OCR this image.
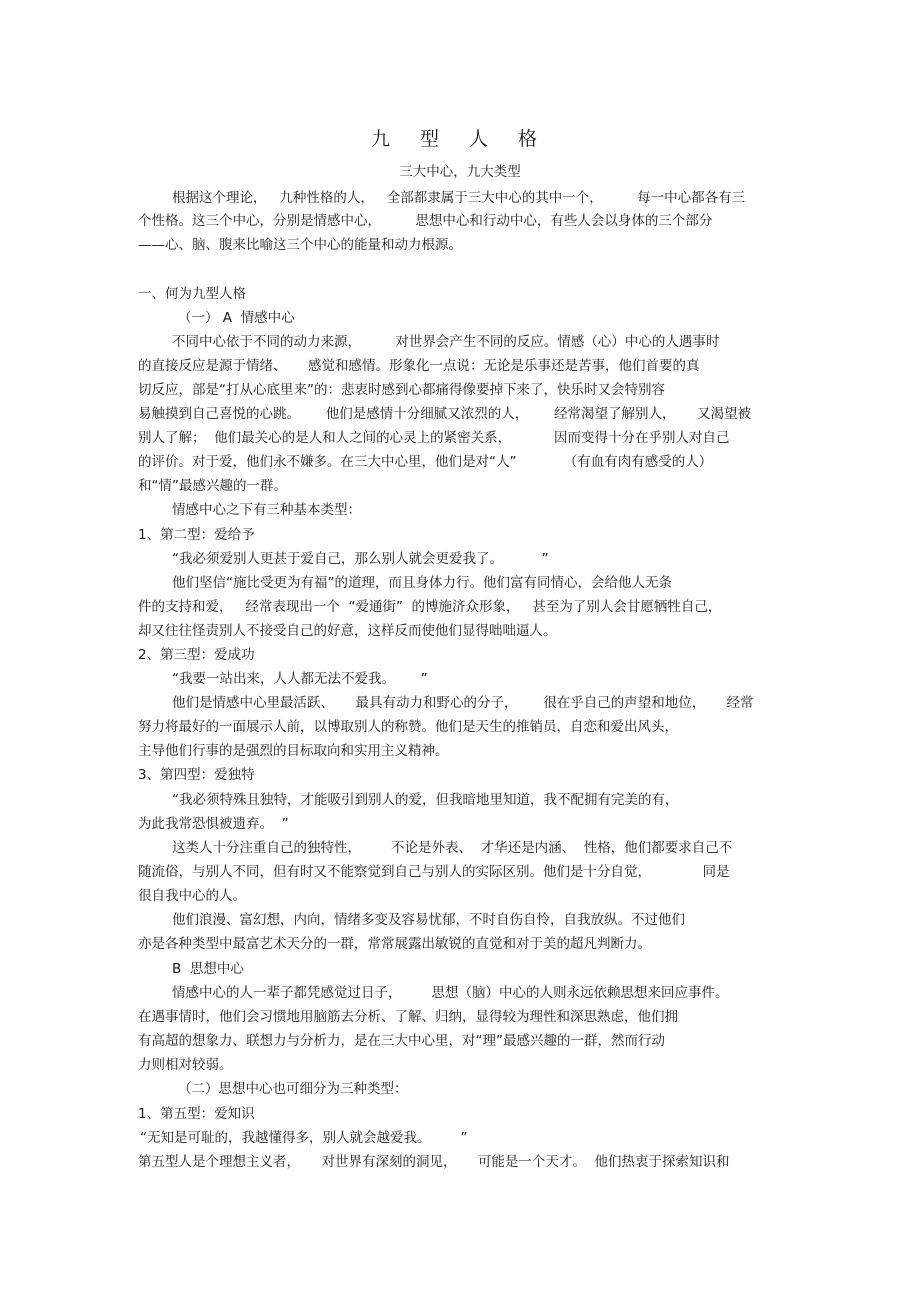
九 型 人 格
三大中心，九大类型
根据这个理论，   九种性格的人，   全部都隶属于三大中心的其中一个，        每一中心都各有三
个性格。这三个中心，分别是情感中心，        思想中心和行动中心，有些人会以身体的三个部分
——心、脑、腹来比喻这三个中心的能量和动力根源。
一、何为九型人格
（一） A  情感中心
不同中心依于不同的动力来源，        对世界会产生不同的反应。情感（心）中心的人遇事时
的直接反应是源于情绪、     感觉和感情。形象化一点说：无论是乐事还是苦事，他们首要的真
切反应，部是“打从心底里来”的：悲衷时感到心都痛得像要掉下来了，快乐时又会特别容
易触摸到自己喜悦的心跳。      他们是感情十分细腻又浓烈的人，      经常渴望了解别人，     又渴望被
别人了解；  他们最关心的是人和人之间的心灵上的紧密关系，          因而变得十分在乎别人对自己
的评价。对于爱，他们永不嫌多。在三大中心里，他们是对“人”           （有血有肉有感受的人）
和“情”最感兴趣的一群。
情感中心之下有三种基本类型：
1、第二型：爱给予
“我必须爱别人更甚于爱自己，那么别人就会更爱我了。         ”
他们坚信“施比受更为有福”的道理，而且身体力行。他们富有同情心，会给他人无条
件的支持和爱，   经常表现出一个  “爱通街”  的博施济众形象，   甚至为了别人会甘愿牺牲自己，
却又往往怪责别人不接受自己的好意，这样反而使他们显得咄咄逼人。
2、第三型：爱成功
“我要一站出来，人人都无法不爱我。      ”
他们是情感中心里最活跃、     最具有动力和野心的分子，      很在乎自己的声望和地位，     经常
努力将最好的一面展示人前，以博取别人的称赞。他们是天生的推销员，自恋和爱出风头，
主导他们行事的是强烈的目标取向和实用主义精神。
3、第四型：爱独特
“我必须特殊且独特，才能吸引到别人的爱，但我暗地里知道，我不配拥有完美的有，
为此我常恐惧被遗弃。  ”
这类人十分注重自己的独特性，       不论是外表、  才华还是内涵、  性格，他们都要求自己不
随流俗，与别人不同，但有时又不能察觉到自己与别人的实际区别。他们是十分自觉，            同是
很自我中心的人。
他们浪漫、富幻想，内向，情绪多变及容易忧郁，不时自伤自怜，自我放纵。不过他们
亦是各种类型中最富艺术天分的一群，常常展露出敏锐的直觉和对于美的超凡判断力。
B  思想中心
情感中心的人一辈子都凭感觉过日子，       思想（脑）中心的人则永远依赖思想来回应事件。
在遇事情时，他们会习惯地用脑筋去分析、了解、归纳，显得较为理性和深思熟虑，他们拥
有高超的想象力、联想力与分析力，是在三大中心里，对“理”最感兴趣的一群，然而行动
力则相对较弱。
（二）思想中心也可细分为三种类型：
1、第五型：爱知识
“无知是可耻的，我越懂得多，别人就会越爱我。       ”
第五型人是个理想主义者，     对世界有深刻的洞见，     可能是一个天才。  他们热衷于探索知识和
